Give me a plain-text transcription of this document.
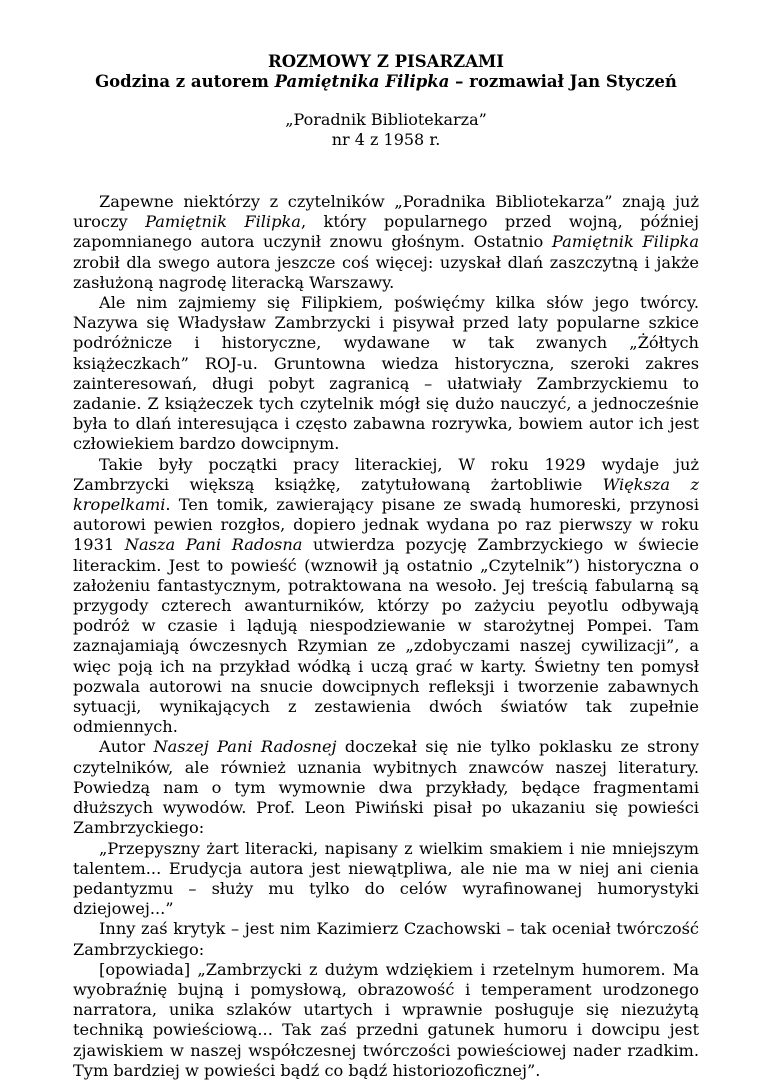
ROZMOWY Z PISARZAMI
Godzina z autorem Pamiętnika Filipka – rozmawiał Jan Styczeń
„Poradnik Bibliotekarza”
nr 4 z 1958 r.

Zapewne niektórzy z czytelników „Poradnika Bibliotekarza” znają już uroczy Pamiętnik Filipka, który popularnego przed wojną, później zapomnianego autora uczynił znowu głośnym. Ostatnio Pamiętnik Filipka zrobił dla swego autora jeszcze coś więcej: uzyskał dlań zaszczytną i jakże zasłużoną nagrodę literacką Warszawy.

Ale nim zajmiemy się Filipkiem, poświęćmy kilka słów jego twórcy. Nazywa się Władysław Zambrzycki i pisywał przed laty popularne szkice podróżnicze i historyczne, wydawane w tak zwanych „Żółtych książeczkach” ROJ-u. Gruntowna wiedza historyczna, szeroki zakres zainteresowań, długi pobyt zagranicą – ułatwiały Zambrzyckiemu to zadanie. Z książeczek tych czytelnik mógł się dużo nauczyć, a jednocześnie była to dlań interesująca i często zabawna rozrywka, bowiem autor ich jest człowiekiem bardzo dowcipnym.

Takie były początki pracy literackiej, W roku 1929 wydaje już Zambrzycki większą książkę, zatytułowaną żartobliwie Większa z kropelkami. Ten tomik, zawierający pisane ze swadą humoreski, przynosi autorowi pewien rozgłos, dopiero jednak wydana po raz pierwszy w roku 1931 Nasza Pani Radosna utwierdza pozycję Zambrzyckiego w świecie literackim. Jest to powieść (wznowił ją ostatnio „Czytelnik”) historyczna o założeniu fantastycznym, potraktowana na wesoło. Jej treścią fabularną są przygody czterech awanturników, którzy po zażyciu peyotlu odbywają podróż w czasie i lądują niespodziewanie w starożytnej Pompei. Tam zaznajamiają ówczesnych Rzymian ze „zdobyczami naszej cywilizacji”, a więc poją ich na przykład wódką i uczą grać w karty. Świetny ten pomysł pozwala autorowi na snucie dowcipnych refleksji i tworzenie zabawnych sytuacji, wynikających z zestawienia dwóch światów tak zupełnie odmiennych.

Autor Naszej Pani Radosnej doczekał się nie tylko poklasku ze strony czytelników, ale również uznania wybitnych znawców naszej literatury. Powiedzą nam o tym wymownie dwa przykłady, będące fragmentami dłuższych wywodów. Prof. Leon Piwiński pisał po ukazaniu się powieści Zambrzyckiego:

„Przepyszny żart literacki, napisany z wielkim smakiem i nie mniejszym talentem... Erudycja autora jest niewątpliwa, ale nie ma w niej ani cienia pedantyzmu – służy mu tylko do celów wyrafinowanej humorystyki dziejowej...”

Inny zaś krytyk – jest nim Kazimierz Czachowski – tak oceniał twórczość Zambrzyckiego:

[opowiada] „Zambrzycki z dużym wdziękiem i rzetelnym humorem. Ma wyobraźnię bujną i pomysłową, obrazowość i temperament urodzonego narratora, unika szlaków utartych i wprawnie posługuje się niezużytą techniką powieściową... Tak zaś przedni gatunek humoru i dowcipu jest zjawiskiem w naszej współczesnej twórczości powieściowej nader rzadkim. Tym bardziej w powieści bądź co bądź historiozoficznej”.
